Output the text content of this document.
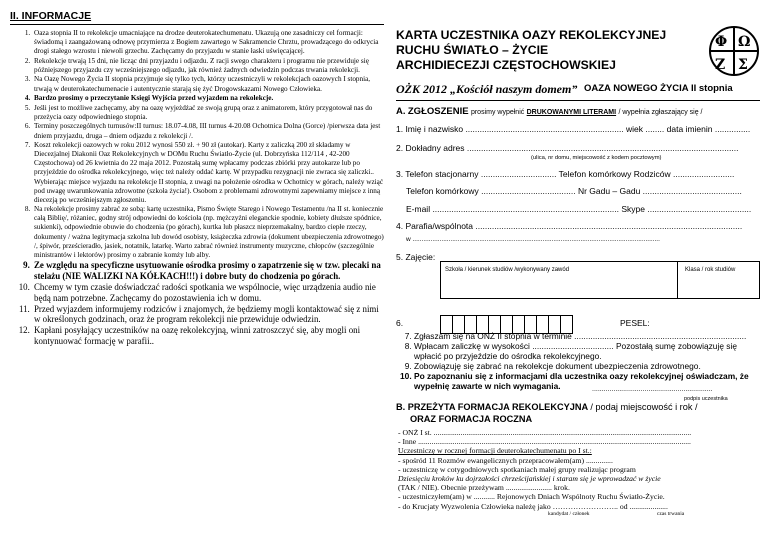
II. INFORMACJE
1. Oaza stopnia II to rekolekcje umacniające na drodze deuterokatechumenatu. Ukazują one zasadniczy cel formacji: świadomą i zaangażowaną odnowę przymierza z Bogiem zawartego w Sakramencie Chrztu, prowadzącego do odkrycia drogi stałego wzrostu i niewoli grzechu. Zachęcamy do przyjazdu w stanie łaski uświęcającej.
2. Rekolekcje trwają 15 dni, nie licząc dni przyjazdu i odjazdu. Z racji swego charakteru i programu nie przewiduje się późniejszego przyjazdu czy wcześniejszego odjazdu, jak również żadnych odwiedzin podczas trwania rekolekcji.
3. Na Oazę Nowego Życia II stopnia przyjmuje się tylko tych, którzy uczestniczyli w rekolekcjach oazowych I stopnia, trwają w deuterokatechumenacie i autentycznie starają się żyć Drogowskazami Nowego Człowieka.
4. Bardzo prosimy o przeczytanie Księgi Wyjścia przed wyjazdem na rekolekcje.
5. Jeśli jest to możliwe zachęcamy, aby na oazę wyjeżdżać ze swoją grupą oraz z animatorem, który przygotował nas do przeżycia oazy odpowiedniego stopnia.
6. Terminy poszczególnych turnusów:II turnus: 18.07-4.08, III turnus 4-20.08 Ochotnica Dolna (Gorce) /pierwsza data jest dniem przyjazdu, druga – dniem odjazdu z rekolekcji /.
7. Koszt rekolekcji oazowych w roku 2012 wynosi 550 zł. + 90 zł (autokar). Karty z zaliczką 200 zł składamy w Diecezjalnej Diakonii Oaz Rekolekcyjnych w DOMu Ruchu Światło-Życie (ul. Dobrzyńska 112/114 , 42-200 Częstochowa) od 26 kwietnia do 22 maja 2012. Pozostałą sumę wpłacamy podczas zbiórki przy autokarze lub po przyjeździe do ośrodka rekolekcyjnego, więc też należy oddać kartę. W przypadku rezygnacji nie zwraca się zaliczki.. Wybierając miejsce wyjazdu na rekolekcje II stopnia, z uwagi na położenie ośrodka w Ochotnicy w górach, należy wziąć pod uwagę uwarunkowania zdrowotne (szkoła życia!). Osobom z problemami zdrowotnymi zapewniamy miejsce z inną diecezją po wcześniejszym zgłoszeniu.
8. Na rekolekcje prosimy zabrać ze sobą: kartę uczestnika, Pismo Święte Starego i Nowego Testamentu /na II st. koniecznie całą Biblię/, różaniec, godny strój odpowiedni do kościoła (np. mężczyźni eleganckie spodnie, kobiety dłuższe spódnice, sukienki), odpowiednie obuwie do chodzenia (po górach), kurtka lub płaszcz nieprzemakalny, bardzo ciepłe rzeczy, dokumenty / ważna legitymacja szkolna lub dowód osobisty, książeczka zdrowia (dokument ubezpieczenia zdrowotnego) /, śpiwór, prześcieradło, jasiek, notatnik, latarkę. Warto zabrać również instrumenty muzyczne, chłopców (szczególnie ministrantów i lektorów) prosimy o zabranie komży lub alby.
9. Ze względu na specyficzne usytuowanie ośrodka prosimy o zapatrzenie się w tzw. plecaki na stelażu (NIE WALIZKI NA KÓŁKACH!!!) i dobre buty do chodzenia po górach.
10. Chcemy w tym czasie doświadczać radości spotkania we wspólnocie, więc urządzenia audio nie będą nam potrzebne. Zachęcamy do pozostawienia ich w domu.
11. Przed wyjazdem informujemy rodziców i znajomych, że będziemy mogli kontaktować się z nimi w określonych godzinach, oraz że program rekolekcji nie przewiduje odwiedzin.
12. Kapłani posyłający uczestników na oazę rekolekcyjną, winni zatroszczyć się, aby mogli oni kontynuować formację w parafii..
KARTA UCZESTNIKA OAZY REKOLEKCYJNEJ
RUCHU ŚWIATŁO – ŻYCIE
ARCHIDIECEZJI CZĘSTOCHOWSKIEJ
Φ Ω
Ζ Σ
OŻK 2012 „Kościół naszym domem” OAZA NOWEGO ŻYCIA II stopnia
A. ZGŁOSZENIE prosimy wypełnić DRUKOWANYMI LITERAMI / wypełnia zgłaszający się /
1. Imię i nazwisko ................................................................... wiek ........ data imienin ...............
2. Dokładny adres ...................................................................................................................
(ulica, nr domu, miejscowość z kodem pocztowym)
3. Telefon stacjonarny ................................ Telefon komórkowy Rodziców ..........................
Telefon komórkowy ........................................ Nr Gadu – Gadu ..........................................
E-mail ............................................................................... Skype ............................................
4. Parafia/wspólnota .................................................................................................................
w .........................................................................................................................................
5. Zajęcie:
Szkoła / kierunek studiów /wykonywany zawód	Klasa / rok studiów
6.	PESEL:
7. Zgłaszam się na ONŻ II stopnia w terminie ..........................................................................
8. Wpłacam zaliczkę w wysokości ................................... Pozostałą sumę zobowiązuję się wpłacić po przyjeździe do ośrodka rekolekcyjnego.
9. Zobowiązuję się zabrać na rekolekcje dokument ubezpieczenia zdrowotnego.
10. Po zapoznaniu się z informacjami dla uczestnika oazy rekolekcyjnej oświadczam, że wypełnię zawarte w nich wymagania.	..............................................................
podpis uczestnika
B. PRZEŻYTA FORMACJA REKOLEKCYJNA / podaj miejscowość i rok /
ORAZ FORMACJA ROCZNA

- ONŻ I st. ......................................................................................................................................

- Inne ..............................................................................................................................................

Uczestniczę w rocznej formacji deuterokatechumenatu po I st.:

- spośród 11 Rozmów ewangelicznych przepracowałem(am) ..............

- uczestniczę w cotygodniowych spotkaniach małej grupy realizując program

Dziesięciu kroków ku dojrzałości chrześcijańskiej i staram się je wprowadzać w życie

(TAK / NIE). Obecnie przeżywam ........................ krok.

- uczestniczyłem(am) w ........... Rejonowych Dniach Wspólnoty Ruchu Światło-Życie.

- do Krucjaty Wyzwolenia Człowieka należę jako …………………….. od ....................

kandydat / członek	czas trwania
